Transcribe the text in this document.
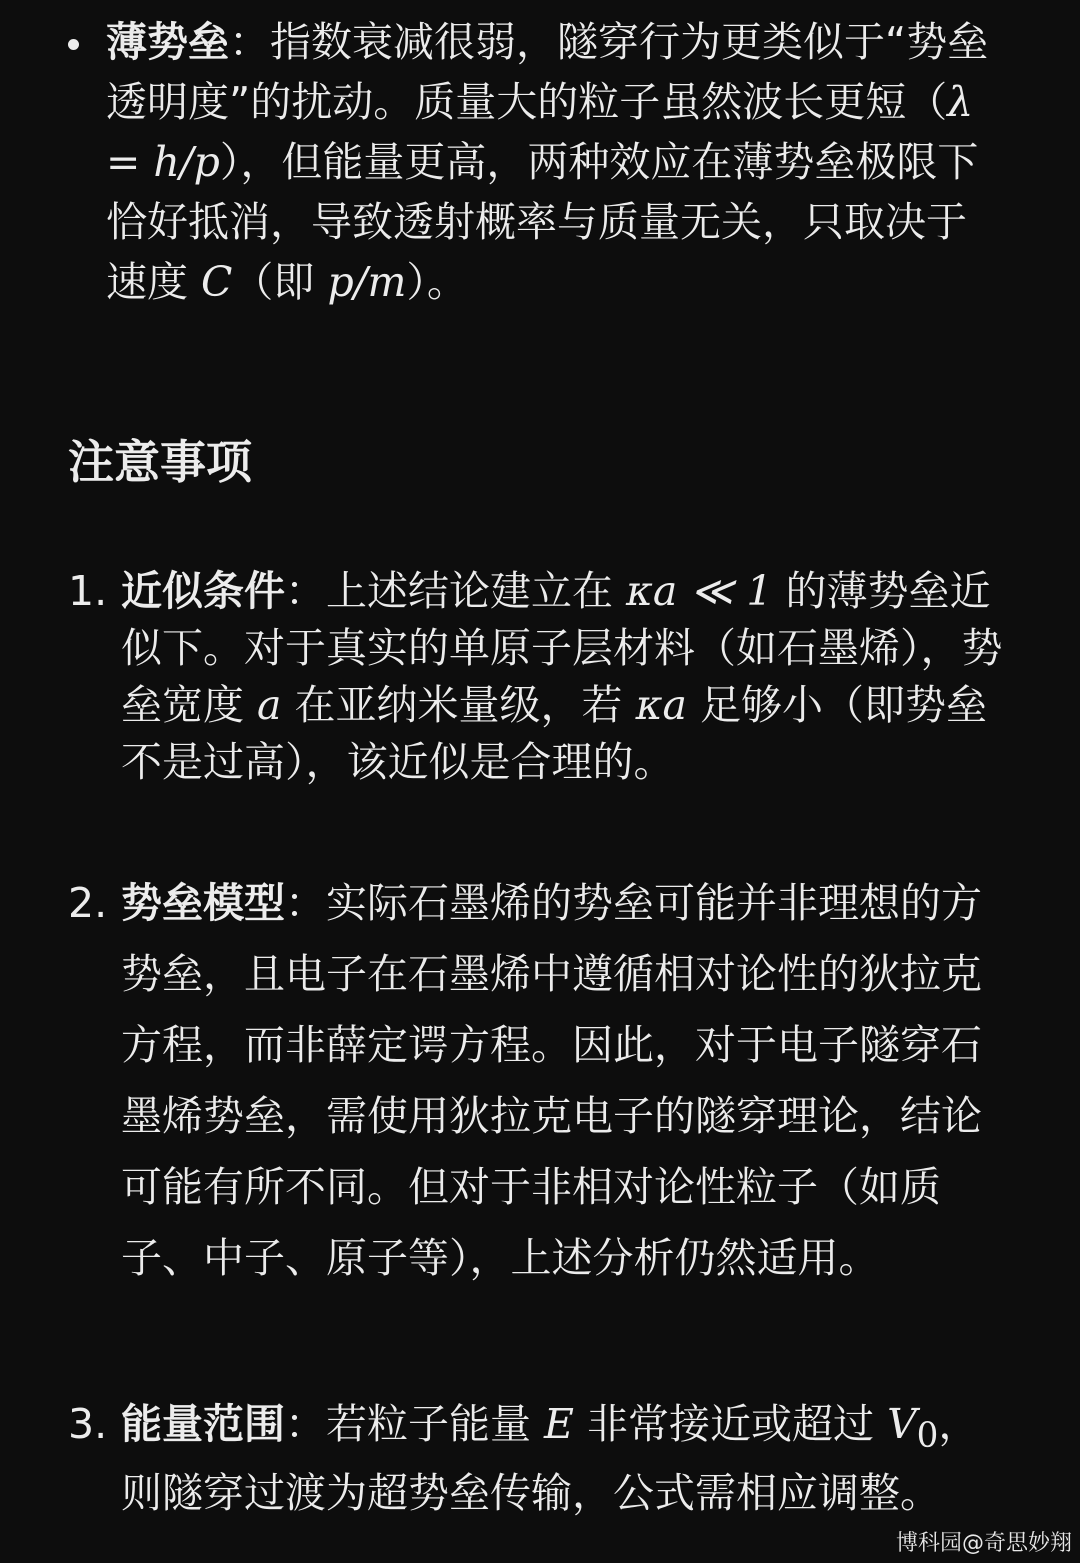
薄势垒：指数衰减很弱，隧穿行为更类似于“势垒透明度”的扰动。质量大的粒子虽然波长更短（λ = h/p），但能量更高，两种效应在薄势垒极限下恰好抵消，导致透射概率与质量无关，只取决于速度 C（即 p/m）。
注意事项
1. 近似条件：上述结论建立在 κa ≪ 1 的薄势垒近似下。对于真实的单原子层材料（如石墨烯），势垒宽度 a 在亚纳米量级，若 κa 足够小（即势垒不是过高），该近似是合理的。
2. 势垒模型：实际石墨烯的势垒可能并非理想的方势垒，且电子在石墨烯中遵循相对论性的狄拉克方程，而非薛定谔方程。因此，对于电子隧穿石墨烯势垒，需使用狄拉克电子的隧穿理论，结论可能有所不同。但对于非相对论性粒子（如质子、中子、原子等），上述分析仍然适用。
3. 能量范围：若粒子能量 E 非常接近或超过 $V_0$，则隧穿过渡为超势垒传输，公式需相应调整。
博科园@奇思妙翔
